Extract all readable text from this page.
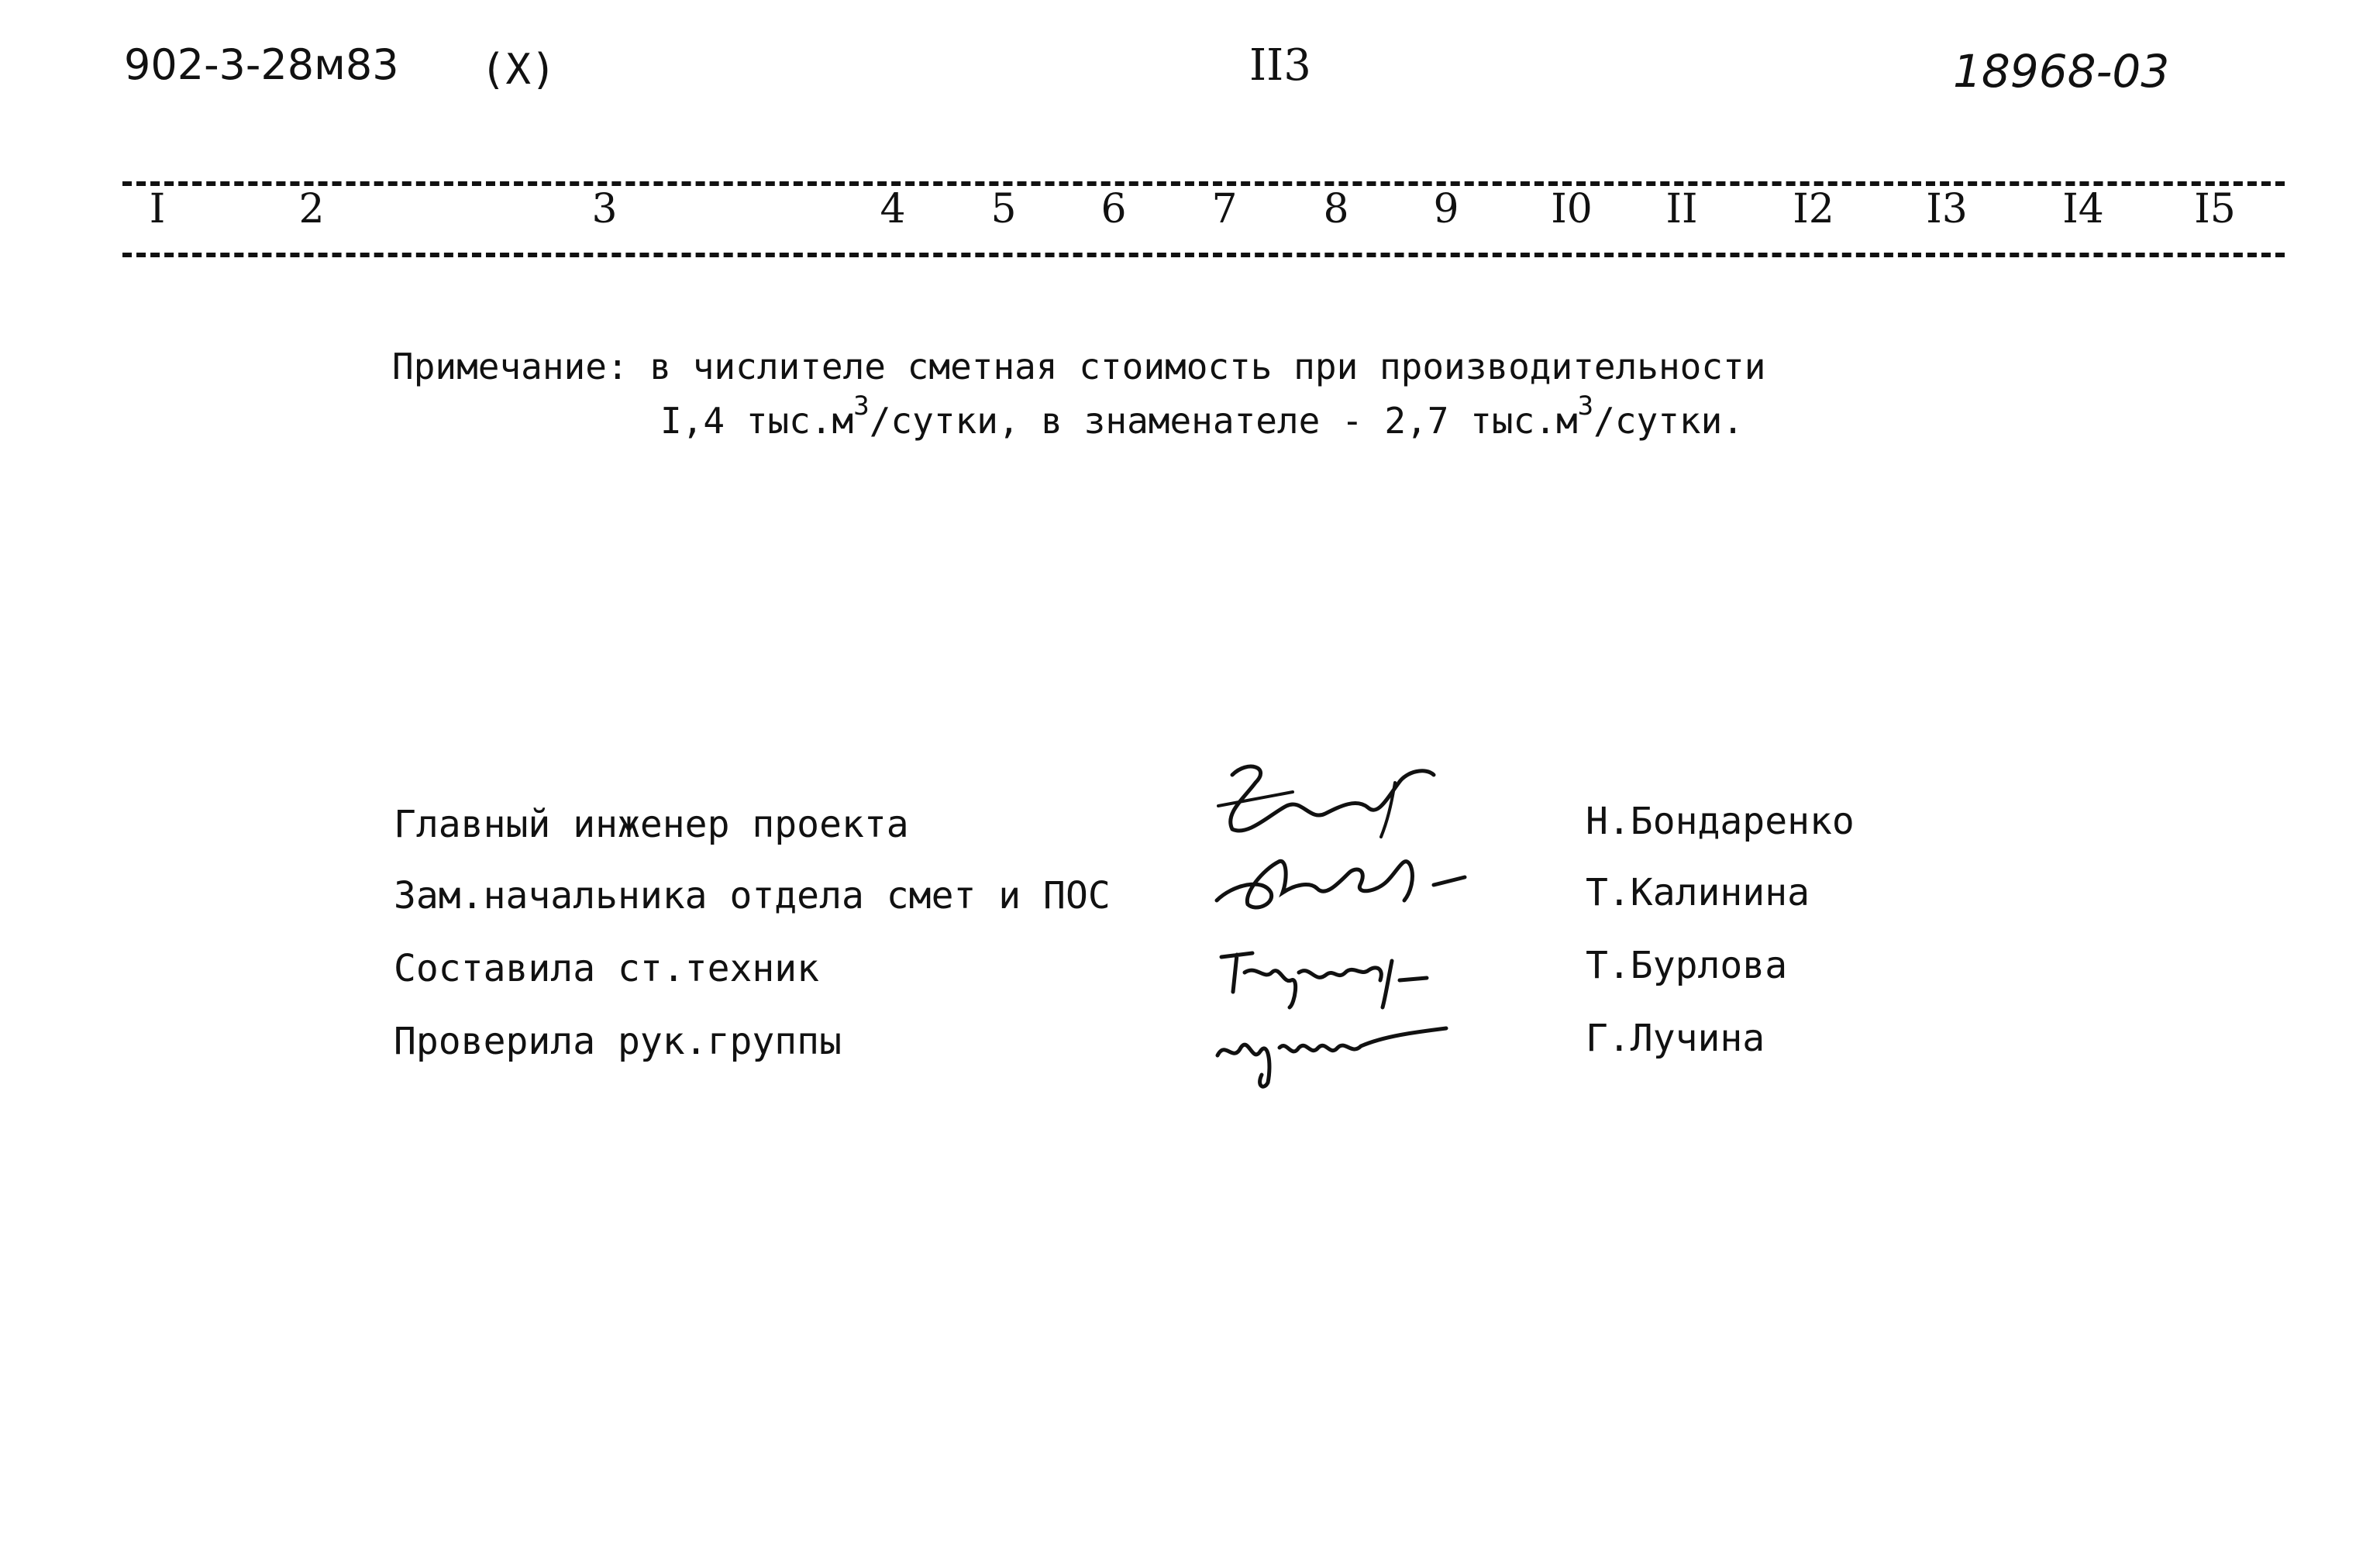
902-3-28м83 (X)	II3	18968-03
I	2	3	4 5 6 7 8 9 I0 II I2 I3 I4 I5
Примечание: в числителе сметная стоимость при производительности
I,4 $тыс.м^3$/сутки, в знаменателе - 2,7 $тыс.м^3$/сутки.
Главный инженер проекта	Н.Бондаренко
Зам.начальника отдела смет и ПОС	Т.Калинина
Составила ст.техник	Т.Бурлова
Проверила рук.группы	Г.Лучина
